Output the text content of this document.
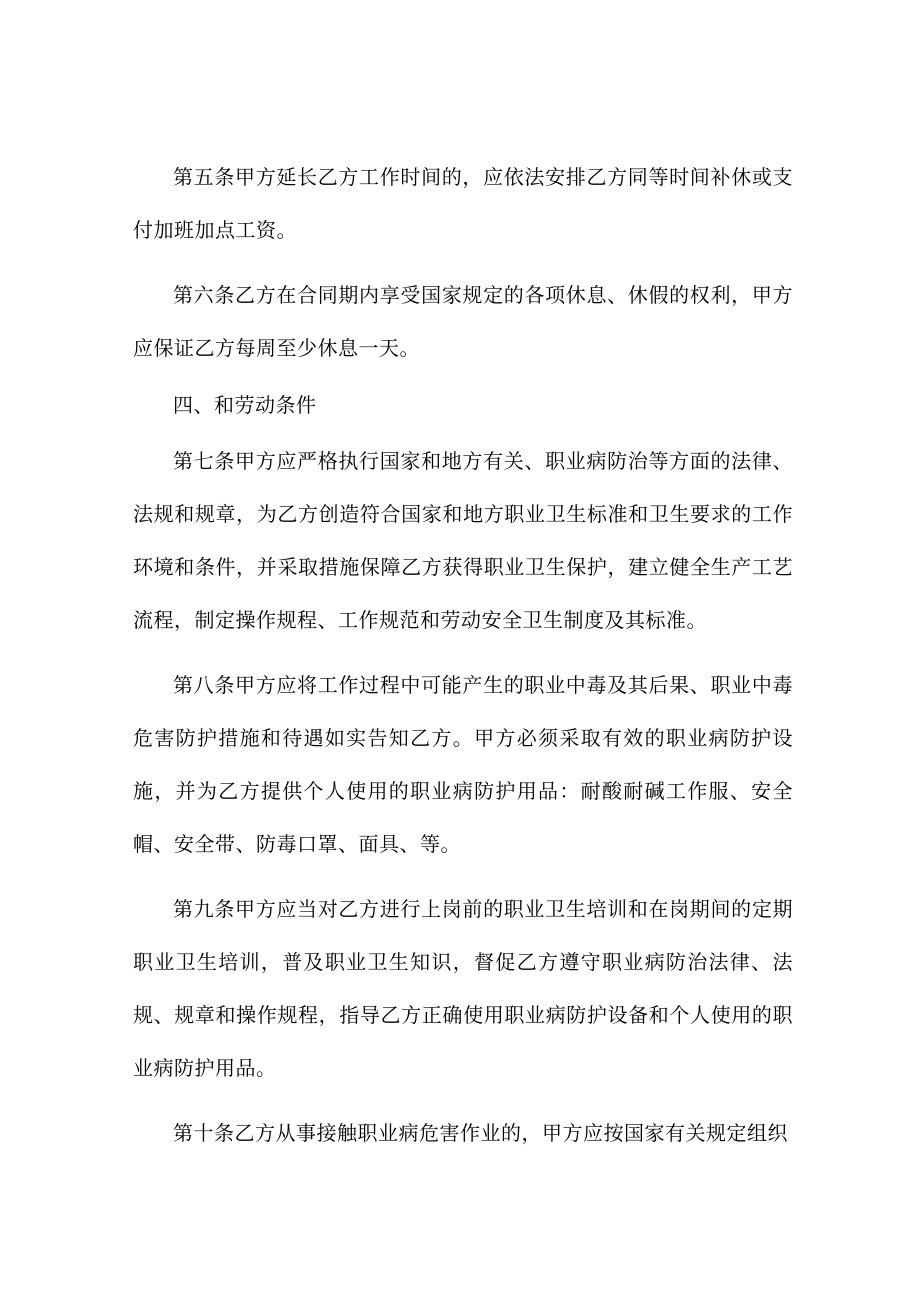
第五条甲方延长乙方工作时间的，应依法安排乙方同等时间补休或支付加班加点工资。

第六条乙方在合同期内享受国家规定的各项休息、休假的权利，甲方应保证乙方每周至少休息一天。

四、和劳动条件

第七条甲方应严格执行国家和地方有关、职业病防治等方面的法律、法规和规章，为乙方创造符合国家和地方职业卫生标准和卫生要求的工作环境和条件，并采取措施保障乙方获得职业卫生保护，建立健全生产工艺流程，制定操作规程、工作规范和劳动安全卫生制度及其标准。

第八条甲方应将工作过程中可能产生的职业中毒及其后果、职业中毒危害防护措施和待遇如实告知乙方。甲方必须采取有效的职业病防护设施，并为乙方提供个人使用的职业病防护用品：耐酸耐碱工作服、安全帽、安全带、防毒口罩、面具、等。

第九条甲方应当对乙方进行上岗前的职业卫生培训和在岗期间的定期职业卫生培训，普及职业卫生知识，督促乙方遵守职业病防治法律、法规、规章和操作规程，指导乙方正确使用职业病防护设备和个人使用的职业病防护用品。

第十条乙方从事接触职业病危害作业的，甲方应按国家有关规定组织
